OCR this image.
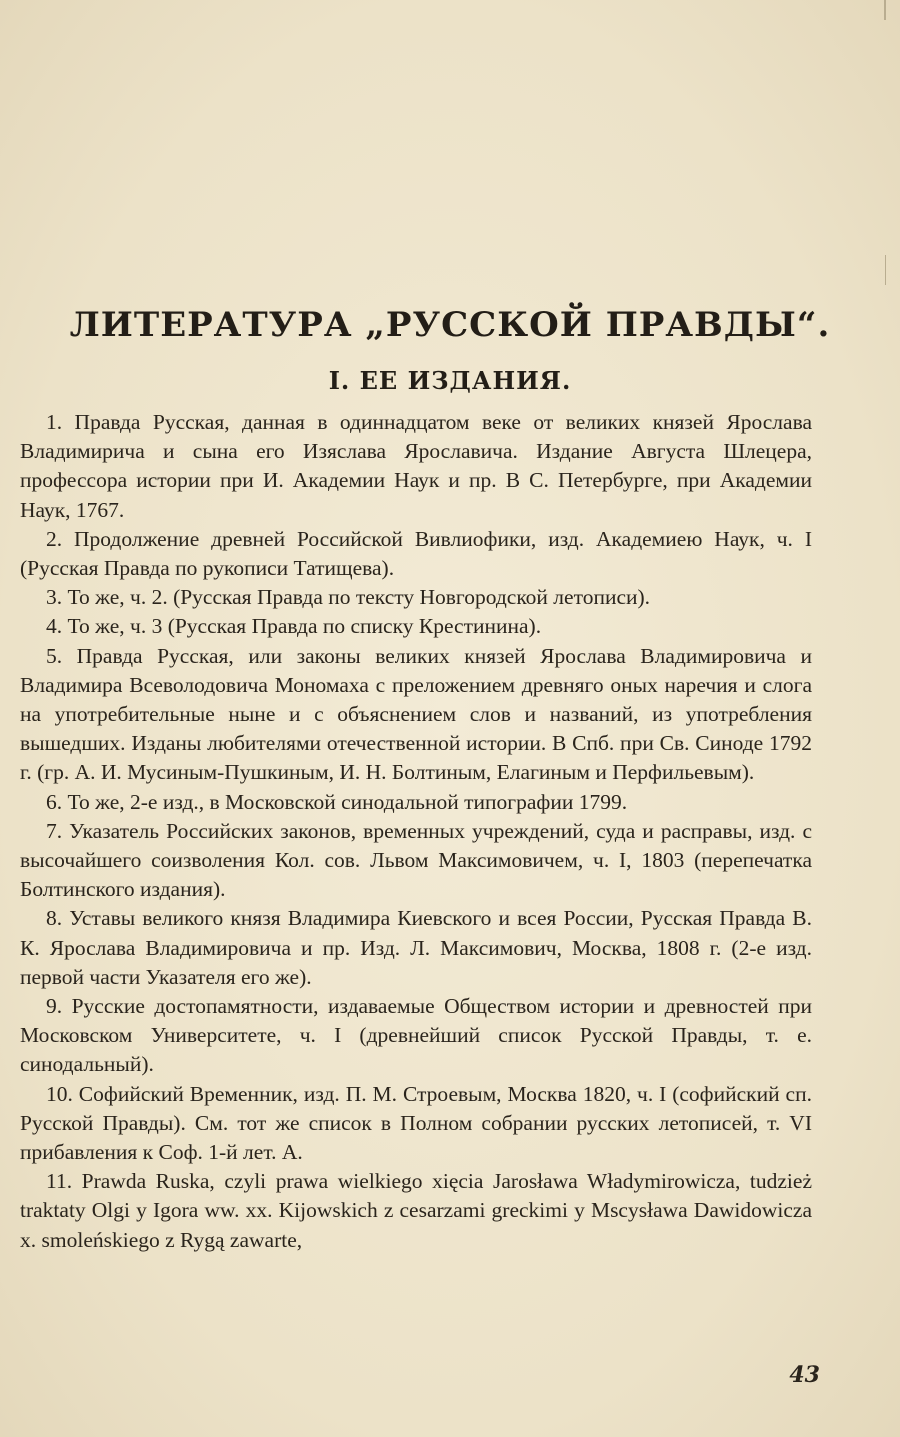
ЛИТЕРАТУРА „РУССКОЙ ПРАВДЫ“.
I. ЕЕ ИЗДАНИЯ.

1. Правда Русская, данная в одиннадцатом веке от великих князей Ярослава Владимирича и сына его Изяслава Ярославича. Издание Августа Шлецера, профессора истории при И. Академии Наук и пр. В С. Петербурге, при Академии Наук, 1767.

2. Продолжение древней Российской Вивлиофики, изд. Академиею Наук, ч. I (Русская Правда по рукописи Татищева).

3. То же, ч. 2. (Русская Правда по тексту Новгородской летописи).

4. То же, ч. 3 (Русская Правда по списку Крестинина).

5. Правда Русская, или законы великих князей Ярослава Владимировича и Владимира Всеволодовича Мономаха с преложением древняго оных наречия и слога на употребительные ныне и с объяснением слов и названий, из употребления вышедших. Изданы любителями отечественной истории. В Спб. при Св. Синоде 1792 г. (гр. А. И. Мусиным-Пушкиным, И. Н. Болтиным, Елагиным и Перфильевым).

6. То же, 2-е изд., в Московской синодальной типографии 1799.

7. Указатель Российских законов, временных учреждений, суда и расправы, изд. с высочайшего соизволения Кол. сов. Львом Максимовичем, ч. I, 1803 (перепечатка Болтинского издания).

8. Уставы великого князя Владимира Киевского и всея России, Русская Правда В. К. Ярослава Владимировича и пр. Изд. Л. Максимович, Москва, 1808 г. (2-е изд. первой части Указателя его же).

9. Русские достопамятности, издаваемые Обществом истории и древностей при Московском Университете, ч. I (древнейший список Русской Правды, т. е. синодальный).

10. Софийский Временник, изд. П. М. Строевым, Москва 1820, ч. I (софийский сп. Русской Правды). См. тот же список в Полном собрании русских летописей, т. VI прибавления к Соф. 1-й лет. А.

11. Prawda Ruska, czyli prawa wielkiego xięcia Jarosława Władymirowicza, tudzież traktaty Olgi y Igora ww. xx. Kijowskich z cesarzami greckimi y Mscysława Dawidowicza x. smoleńskiego z Rygą zawarte,

43
